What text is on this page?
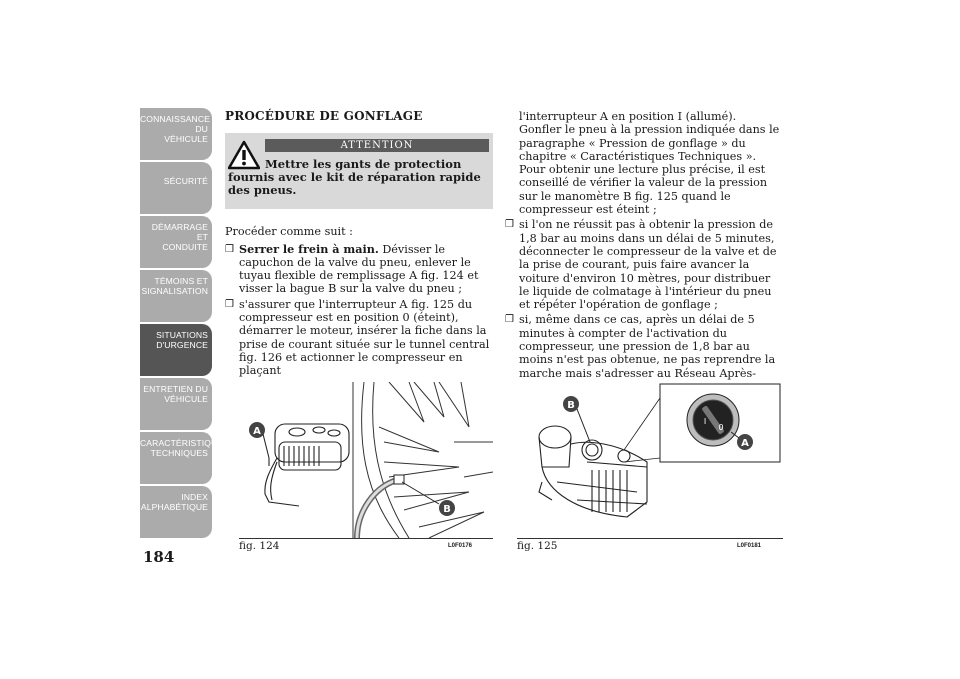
CONNAISSANCE DU
VÉHICULE
SÉCURITÉ
DÉMARRAGE ET
CONDUITE
TÉMOINS ET
SIGNALISATION
SITUATIONS
D'URGENCE
ENTRETIEN DU
VÉHICULE
CARACTÉRISTIQUES
TECHNIQUES
INDEX
ALPHABÉTIQUE
184
PROCÉDURE DE GONFLAGE
ATTENTION
Mettre les gants de protection fournis avec le kit de réparation rapide des pneus.

Procéder comme suit :

❒ Serrer le frein à main. Dévisser le capuchon de la valve du pneu, enlever le tuyau flexible de remplissage A fig. 124 et visser la bague B sur la valve du pneu ;
❒ s'assurer que l'interrupteur A fig. 125 du compresseur est en position 0 (éteint), démarrer le moteur, insérer la fiche dans la prise de courant située sur le tunnel central fig. 126 et actionner le compresseur en plaçant
l'interrupteur A en position I (allumé). Gonfler le pneu à la pression indiquée dans le paragraphe « Pression de gonflage » du chapitre « Caractéristiques Techniques ». Pour obtenir une lecture plus précise, il est conseillé de vérifier la valeur de la pression sur le manomètre B fig. 125 quand le compresseur est éteint ;
❒ si l'on ne réussit pas à obtenir la pression de 1,8 bar au moins dans un délai de 5 minutes, déconnecter le compresseur de la valve et de la prise de courant, puis faire avancer la voiture d'environ 10 mètres, pour distribuer le liquide de colmatage à l'intérieur du pneu et répéter l'opération de gonflage ;
❒ si, même dans ce cas, après un délai de 5 minutes à compter de l'activation du compresseur, une pression de 1,8 bar au moins n'est pas obtenue, ne pas reprendre la marche mais s'adresser au Réseau Après-
A
B
fig. 124	L0F0176
B
I
0
A
fig. 125	L0F0181
